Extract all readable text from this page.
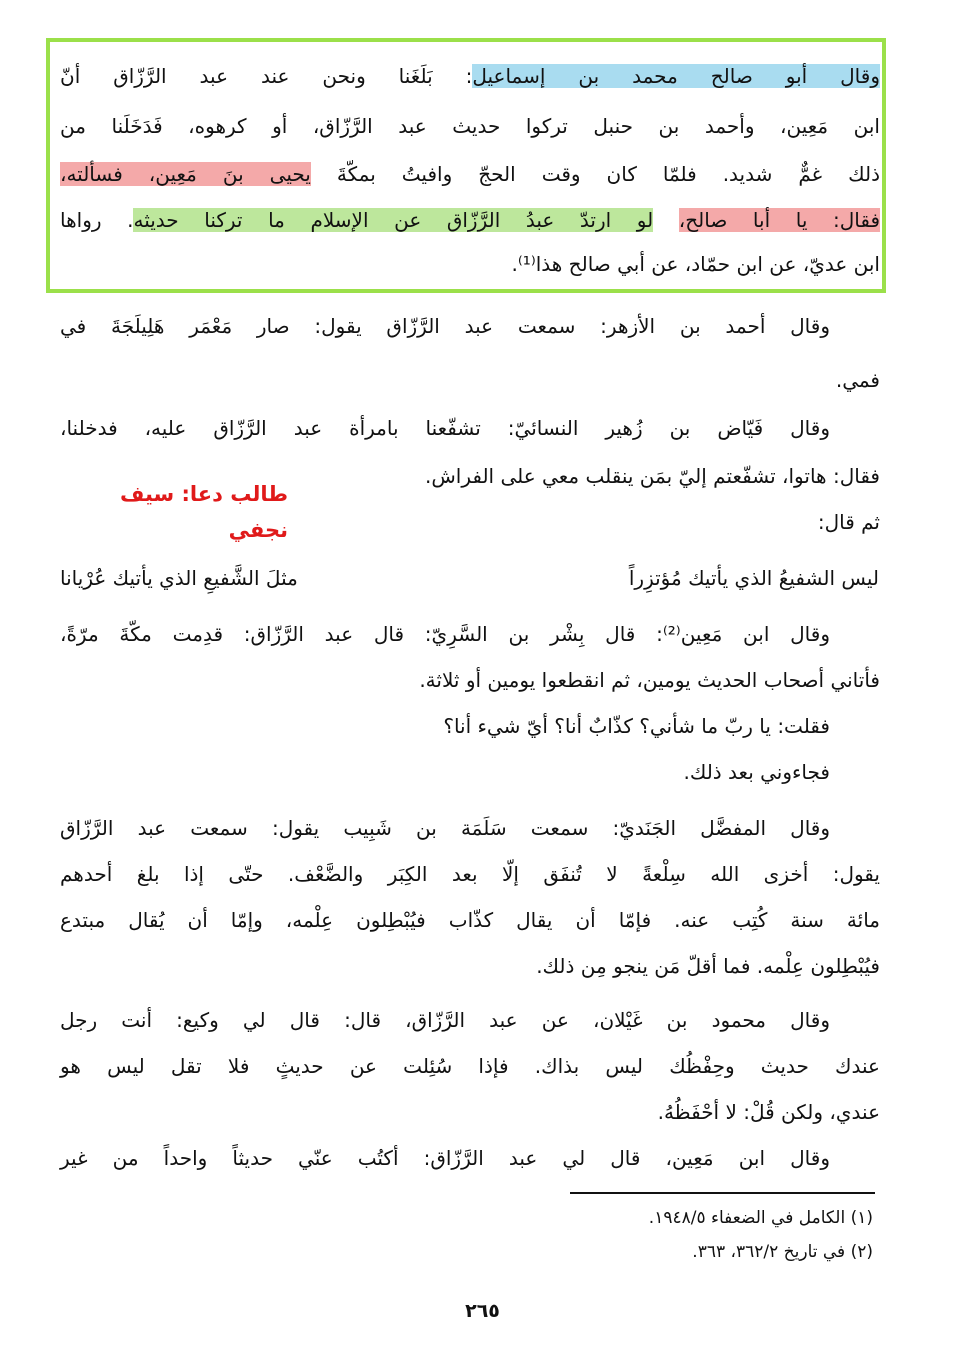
وقال أبو صالح محمد بن إسماعيل: بَلَغَنا ونحن عند عبد الرَّزّاق أنّ
ابن مَعِين، وأحمد بن حنبل تركوا حديث عبد الرَّزّاق، أو كرهوه، فَدَخَلَنا من
ذلك غمٌّ شديد. فلمّا كان وقت الحجّ وافيتُ بمكّةَ يحيى بنَ مَعِين، فسألته،
فقال: يا أبا صالح، لو ارتدّ عبدُ الرَّزّاق عن الإسلام ما تركنا حديثه. رواها
ابن عديّ، عن ابن حمّاد، عن أبي صالح هذا⁽¹⁾.
وقال أحمد بن الأزهر: سمعت عبد الرَّزّاق يقول: صار مَعْمَر هَلِيلَجَةَ في
فمي.
وقال فَيّاض بن زُهير النسائيّ: تشفّعنا بامرأة عبد الرَّزّاق عليه، فدخلنا،
فقال: هاتوا، تشفّعتم إليّ بمَن ينقلب معي على الفراش.
طالب دعا: سيف نجفي	ثم قال:
ليس الشفيعُ الذي يأتيك مُؤتزِراً
مثلَ الشَّفيعِ الذي يأتيك عُرْيانا
وقال ابن مَعِين⁽²⁾: قال بِشْر بن السَّرِيّ: قال عبد الرَّزّاق: قدِمت مكّةَ مرّةً،
فأتاني أصحاب الحديث يومين، ثم انقطعوا يومين أو ثلاثة.
فقلت: يا ربّ ما شأني؟ كذّابٌ أنا؟ أيّ شيء أنا؟
فجاءوني بعد ذلك.
وقال المفضَّل الجَنَديّ: سمعت سَلَمَة بن شَبِيب يقول: سمعت عبد الرَّزّاق
يقول: أخزى الله سِلْعةً لا تُنفَق إلّا بعد الكِبَر والضَّعْف. حتّى إذا بلغ أحدهم
مائة سنة كُتِب عنه. فإمّا أن يقال كذّاب فيُبْطِلون عِلْمه، وإمّا أن يُقال مبتدع
فيُبْطِلون عِلْمه. فما أقلّ مَن ينجو مِن ذلك.
وقال محمود بن غَيْلان، عن عبد الرَّزّاق، قال: قال لي وكيع: أنت رجل
عندك حديث وحِفْظُك ليس بذاك. فإذا سُئِلت عن حديثٍ فلا تقل ليس هو
عندي، ولكن قُلْ: لا أحْفَظُهُ.
وقال ابن مَعِين، قال لي عبد الرَّزّاق: أكتُب عنّي حديثاً واحداً من غير
(١) الكامل في الضعفاء ١٩٤٨/٥.
(٢) في تاريخ ٣٦٢/٢، ٣٦٣.
٢٦٥
